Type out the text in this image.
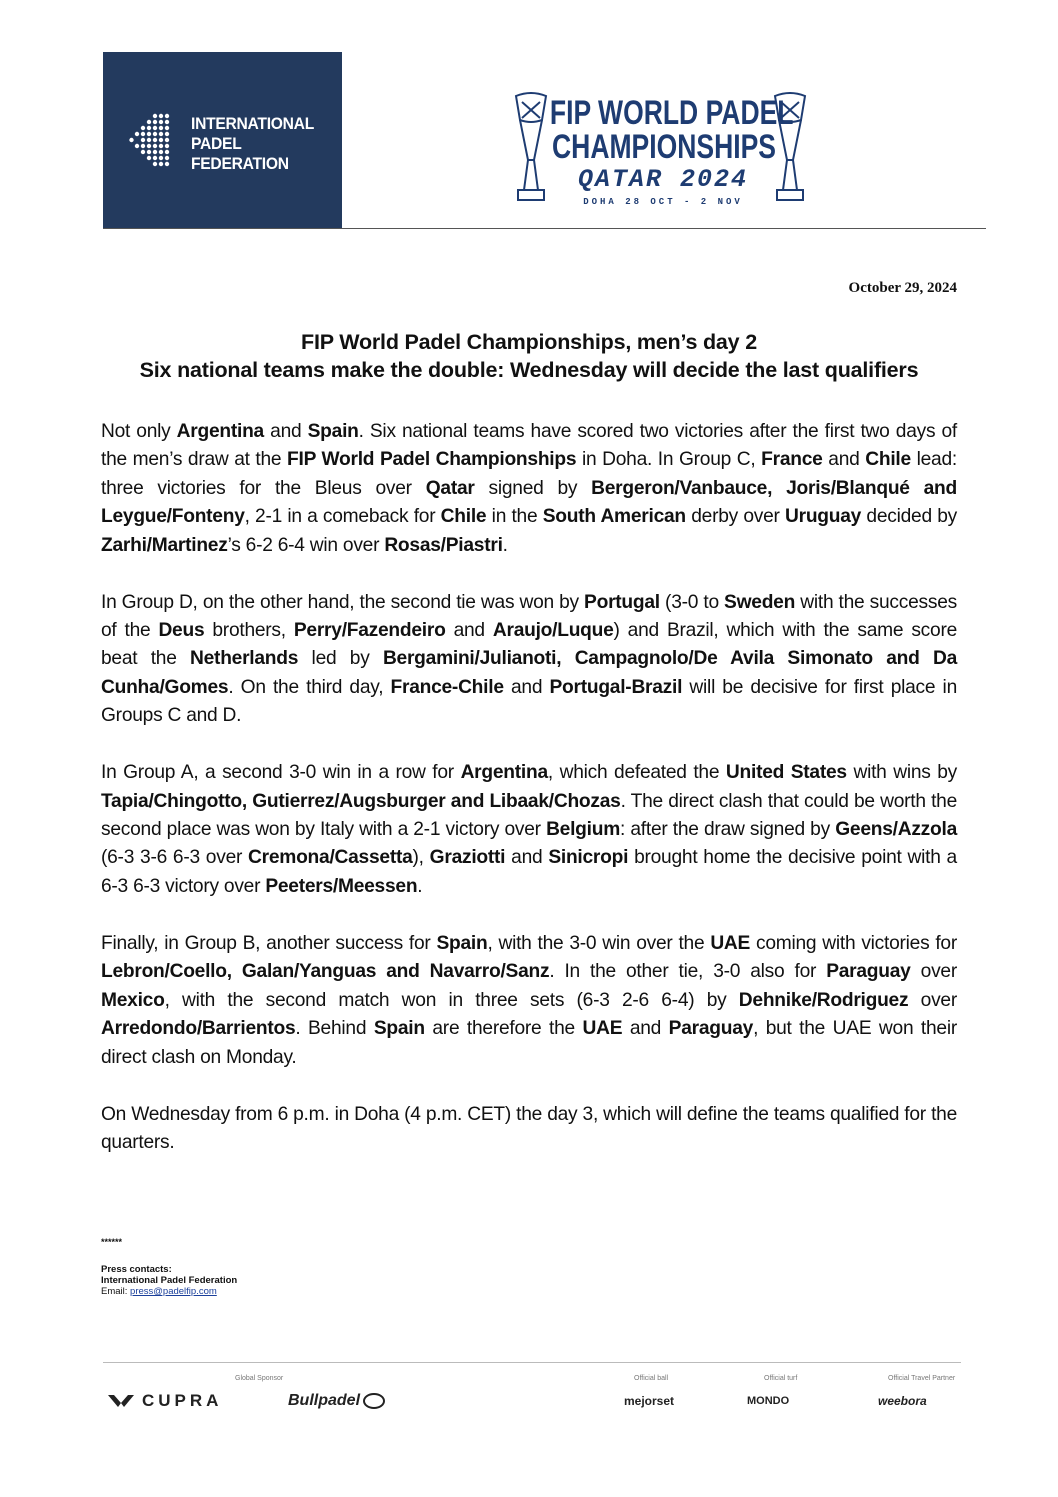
INTERNATIONAL
PADEL
FEDERATION
FIP WORLD PADEL
CHAMPIONSHIPS
QATAR 2024
DOHA 28 OCT - 2 NOV
October 29, 2024
FIP World Padel Championships, men’s day 2
Six national teams make the double: Wednesday will decide the last qualifiers

Not only Argentina and Spain. Six national teams have scored two victories after the first two days of the men’s draw at the FIP World Padel Championships in Doha. In Group C, France and Chile lead: three victories for the Bleus over Qatar signed by Bergeron/Vanbauce, Joris/Blanqué and Leygue/Fonteny, 2-1 in a comeback for Chile in the South American derby over Uruguay decided by Zarhi/Martinez’s 6-2 6-4 win over Rosas/Piastri.

In Group D, on the other hand, the second tie was won by Portugal (3-0 to Sweden with the successes of the Deus brothers, Perry/Fazendeiro and Araujo/Luque) and Brazil, which with the same score beat the Netherlands led by Bergamini/Julianoti, Campagnolo/De Avila Simonato and Da Cunha/Gomes. On the third day, France-Chile and Portugal-Brazil will be decisive for first place in Groups C and D.

In Group A, a second 3-0 win in a row for Argentina, which defeated the United States with wins by Tapia/Chingotto, Gutierrez/Augsburger and Libaak/Chozas. The direct clash that could be worth the second place was won by Italy with a 2-1 victory over Belgium: after the draw signed by Geens/Azzola (6-3 3-6 6-3 over Cremona/Cassetta), Graziotti and Sinicropi brought home the decisive point with a 6-3 6-3 victory over Peeters/Meessen.

Finally, in Group B, another success for Spain, with the 3-0 win over the UAE coming with victories for Lebron/Coello, Galan/Yanguas and Navarro/Sanz. In the other tie, 3-0 also for Paraguay over Mexico, with the second match won in three sets (6-3 2-6 6-4) by Dehnike/Rodriguez over Arredondo/Barrientos. Behind Spain are therefore the UAE and Paraguay, but the UAE won their direct clash on Monday.

On Wednesday from 6 p.m. in Doha (4 p.m. CET) the day 3, which will define the teams qualified for the quarters.

******
Press contacts:
International Padel Federation
Email: press@padelfip.com
Global Sponsor	Official ball	Official turf	Official Travel Partner
CUPRA	Bullpadel	mejorset	MONDO	weebora
